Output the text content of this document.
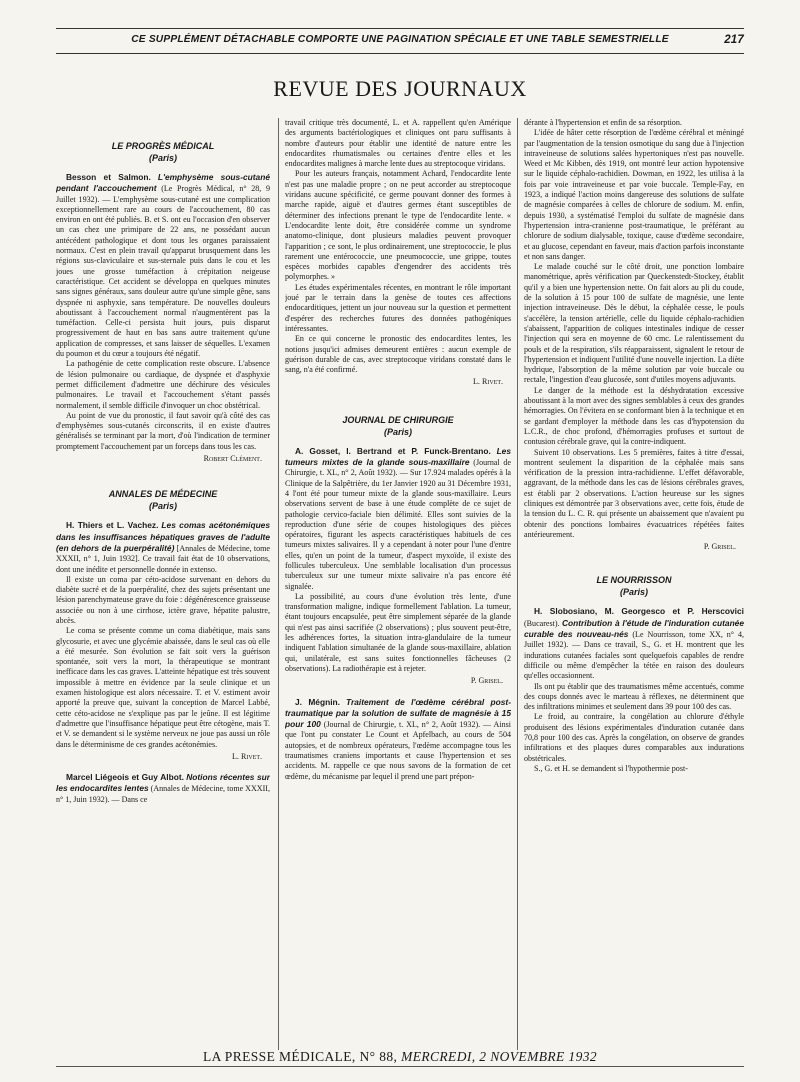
CE SUPPLÉMENT DÉTACHABLE COMPORTE UNE PAGINATION SPÉCIALE ET UNE TABLE SEMESTRIELLE	217
REVUE DES JOURNAUX
LE PROGRÈS MÉDICAL
(Paris)

Besson et Salmon. L'emphysème sous-cutané pendant l'accouchement (Le Progrès Médical, n° 28, 9 Juillet 1932). — L'emphysème sous-cutané est une complication exceptionnellement rare au cours de l'accouchement, 80 cas environ en ont été publiés. B. et S. ont eu l'occasion d'en observer un cas chez une primipare de 22 ans, ne possédant aucun antécédent pathologique et dont tous les organes paraissaient normaux. C'est en plein travail qu'apparut brusquement dans les régions sus-claviculaire et sus-sternale puis dans le cou et les joues une grosse tuméfaction à crépitation neigeuse caractéristique. Cet accident se développa en quelques minutes sans signes généraux, sans douleur autre qu'une simple gêne, sans dyspnée ni asphyxie, sans température. De nouvelles douleurs aboutissant à l'accouchement normal n'augmentèrent pas la tuméfaction. Celle-ci persista huit jours, puis disparut progressivement de haut en bas sans autre traitement qu'une application de compresses, et sans laisser de séquelles. L'examen du poumon et du cœur a toujours été négatif.

La pathogénie de cette complication reste obscure. L'absence de lésion pulmonaire ou cardiaque, de dyspnée et d'asphyxie permet difficilement d'admettre une déchirure des vésicules pulmonaires. Le travail et l'accouchement s'étant passés normalement, il semble difficile d'invoquer un choc obstétrical.

Au point de vue du pronostic, il faut savoir qu'à côté des cas d'emphysèmes sous-cutanés circonscrits, il en existe d'autres généralisés se terminant par la mort, d'où l'indication de terminer promptement l'accouchement par un forceps dans tous les cas.

Robert Clément.
ANNALES DE MÉDECINE
(Paris)

H. Thiers et L. Vachez. Les comas acétonémiques dans les insuffisances hépatiques graves de l'adulte (en dehors de la puerpéralité) [Annales de Médecine, tome XXXII, n° 1, Juin 1932]. Ce travail fait état de 10 observations, dont une inédite et personnelle donnée in extenso.

Il existe un coma par céto-acidose survenant en dehors du diabète sucré et de la puerpéralité, chez des sujets présentant une lésion parenchymateuse grave du foie : dégénérescence graisseuse associée ou non à une cirrhose, ictère grave, hépatite palustre, abcès.

Le coma se présente comme un coma diabétique, mais sans glycosurie, et avec une glycémie abaissée, dans le seul cas où elle a été mesurée. Son évolution se fait soit vers la guérison spontanée, soit vers la mort, la thérapeutique se montrant inefficace dans les cas graves. L'atteinte hépatique est très souvent impossible à mettre en évidence par la seule clinique et un examen histologique est alors nécessaire. T. et V. estiment avoir apporté la preuve que, suivant la conception de Marcel Labbé, cette céto-acidose ne s'explique pas par le jeûne. Il est légitime d'admettre que l'insuffisance hépatique peut être cétogène, mais T. et V. se demandent si le système nerveux ne joue pas aussi un rôle dans le déterminisme de ces grandes acétonémies.

L. Rivet.

Marcel Liégeois et Guy Albot. Notions récentes sur les endocardites lentes (Annales de Médecine, tome XXXII, n° 1, Juin 1932). — Dans ce

travail critique très documenté, L. et A. rappellent qu'en Amérique des arguments bactériologiques et cliniques ont paru suffisants à nombre d'auteurs pour établir une identité de nature entre les endocardites rhumatismales ou certaines d'entre elles et les endocardites malignes à marche lente dues au streptocoque viridans.

Pour les auteurs français, notamment Achard, l'endocardite lente n'est pas une maladie propre ; on ne peut accorder au streptocoque viridans aucune spécificité, ce germe pouvant donner des formes à marche rapide, aiguë et d'autres germes étant susceptibles de déterminer des infections prenant le type de l'endocardite lente. « L'endocardite lente doit, être considérée comme un syndrome anatomo-clinique, dont plusieurs maladies peuvent provoquer l'apparition ; ce sont, le plus ordinairement, une streptococcie, le plus rarement une entérococcie, une pneumococcie, une grippe, toutes espèces morbides capables d'engendrer des accidents très polymorphes. »

Les études expérimentales récentes, en montrant le rôle important joué par le terrain dans la genèse de toutes ces affections endocarditiques, jettent un jour nouveau sur la question et permettent d'espérer des recherches futures des données pathogéniques intéressantes.

En ce qui concerne le pronostic des endocardites lentes, les notions jusqu'ici admises demeurent entières : aucun exemple de guérison durable de cas, avec streptocoque viridans constaté dans le sang, n'a été confirmé.

L. Rivet.
JOURNAL DE CHIRURGIE
(Paris)

A. Gosset, I. Bertrand et P. Funck-Brentano. Les tumeurs mixtes de la glande sous-maxillaire (Journal de Chirurgie, t. XL, n° 2, Août 1932). — Sur 17.924 malades opérés à la Clinique de la Salpêtrière, du 1er Janvier 1920 au 31 Décembre 1931, 4 l'ont été pour tumeur mixte de la glande sous-maxillaire. Leurs observations servent de base à une étude complète de ce sujet de pathologie cervico-faciale bien délimité. Elles sont suivies de la reproduction d'une série de coupes histologiques des pièces opératoires, figurant les aspects caractéristiques habituels de ces tumeurs mixtes salivaires. Il y a cependant à noter pour l'une d'entre elles, qu'en un point de la tumeur, d'aspect myxoïde, il existe des follicules tuberculeux. Une semblable localisation d'un processus tuberculeux sur une tumeur mixte salivaire n'a pas encore été signalée.

La possibilité, au cours d'une évolution très lente, d'une transformation maligne, indique formellement l'ablation. La tumeur, étant toujours encapsulée, peut être simplement séparée de la glande qui n'est pas ainsi sacrifiée (2 observations) ; plus souvent peut-être, les adhérences fortes, la situation intra-glandulaire de la tumeur indiquent l'ablation simultanée de la glande sous-maxillaire, ablation qui, unilatérale, est sans suites fonctionnelles fâcheuses (2 observations). La radiothérapie est à rejeter.

P. Grisel.

J. Mégnin. Traitement de l'œdème cérébral post-traumatique par la solution de sulfate de magnésie à 15 pour 100 (Journal de Chirurgie, t. XL, n° 2, Août 1932). — Ainsi que l'ont pu constater Le Count et Apfelbach, au cours de 504 autopsies, et de nombreux opérateurs, l'œdème accompagne tous les traumatismes craniens importants et cause l'hypertension et ses accidents. M. rappelle ce que nous savons de la formation de cet œdème, du mécanisme par lequel il prend une part prépon-

dérante à l'hypertension et enfin de sa résorption.

L'idée de hâter cette résorption de l'œdème cérébral et méningé par l'augmentation de la tension osmotique du sang due à l'injection intraveineuse de solutions salées hypertoniques n'est pas nouvelle. Weed et Mc Kibben, dès 1919, ont montré leur action hypotensive sur le liquide céphalo-rachidien. Dowman, en 1922, les utilisa à la fois par voie intraveineuse et par voie buccale. Temple-Fay, en 1923, a indiqué l'action moins dangereuse des solutions de sulfate de magnésie comparées à celles de chlorure de sodium. M. enfin, depuis 1930, a systématisé l'emploi du sulfate de magnésie dans l'hypertension intra-cranienne post-traumatique, le préférant au chlorure de sodium dialysable, toxique, cause d'œdème secondaire, et au glucose, cependant en faveur, mais d'action parfois inconstante et non sans danger.

Le malade couché sur le côté droit, une ponction lombaire manométrique, après vérification par Queckenstedt-Stockey, établit qu'il y a bien une hypertension nette. On fait alors au pli du coude, de la solution à 15 pour 100 de sulfate de magnésie, une lente injection intraveineuse. Dès le début, la céphalée cesse, le pouls s'accélère, la tension artérielle, celle du liquide céphalo-rachidien s'abaissent, l'apparition de coliques intestinales indique de cesser l'injection qui sera en moyenne de 60 cmc. Le ralentissement du pouls et de la respiration, s'ils réapparaissent, signalent le retour de l'hypertension et indiquent l'utilité d'une nouvelle injection. La diète hydrique, l'absorption de la même solution par voie buccale ou rectale, l'ingestion d'eau glucosée, sont d'utiles moyens adjuvants.

Le danger de la méthode est la déshydratation excessive aboutissant à la mort avec des signes semblables à ceux des grandes hémorragies. On l'évitera en se conformant bien à la technique et en se gardant d'employer la méthode dans les cas d'hypotension du L.C.R., de choc profond, d'hémorragies profuses et surtout de contusion cérébrale grave, qui la contre-indiquent.

Suivent 10 observations. Les 5 premières, faites à titre d'essai, montrent seulement la disparition de la céphalée mais sans vérification de la pression intra-rachidienne. L'effet défavorable, aggravant, de la méthode dans les cas de lésions cérébrales graves, est établi par 2 observations. L'action heureuse sur les signes cliniques est démontrée par 3 observations avec, cette fois, étude de la tension du L. C. R. qui présente un abaissement que n'avaient pu obtenir des ponctions lombaires évacuatrices répétées faites antérieurement.

P. Grisel.
LE NOURRISSON
(Paris)

H. Slobosiano, M. Georgesco et P. Herscovici (Bucarest). Contribution à l'étude de l'induration cutanée curable des nouveau-nés (Le Nourrisson, tome XX, n° 4, Juillet 1932). — Dans ce travail, S., G. et H. montrent que les indurations cutanées faciales sont quelquefois capables de rendre difficile ou même d'empêcher la tétée en raison des douleurs qu'elles occasionnent.

Ils ont pu établir que des traumatismes même accentués, comme des coups donnés avec le marteau à réflexes, ne déterminent que des infiltrations minimes et seulement dans 39 pour 100 des cas.

Le froid, au contraire, la congélation au chlorure d'éthyle produisent des lésions expérimentales d'induration cutanée dans 70,8 pour 100 des cas. Après la congélation, on observe de grandes infiltrations et des plaques dures comparables aux indurations obstétricales.

S., G. et H. se demandent si l'hypothermie post-

LA PRESSE MÉDICALE, N° 88, MERCREDI, 2 NOVEMBRE 1932
